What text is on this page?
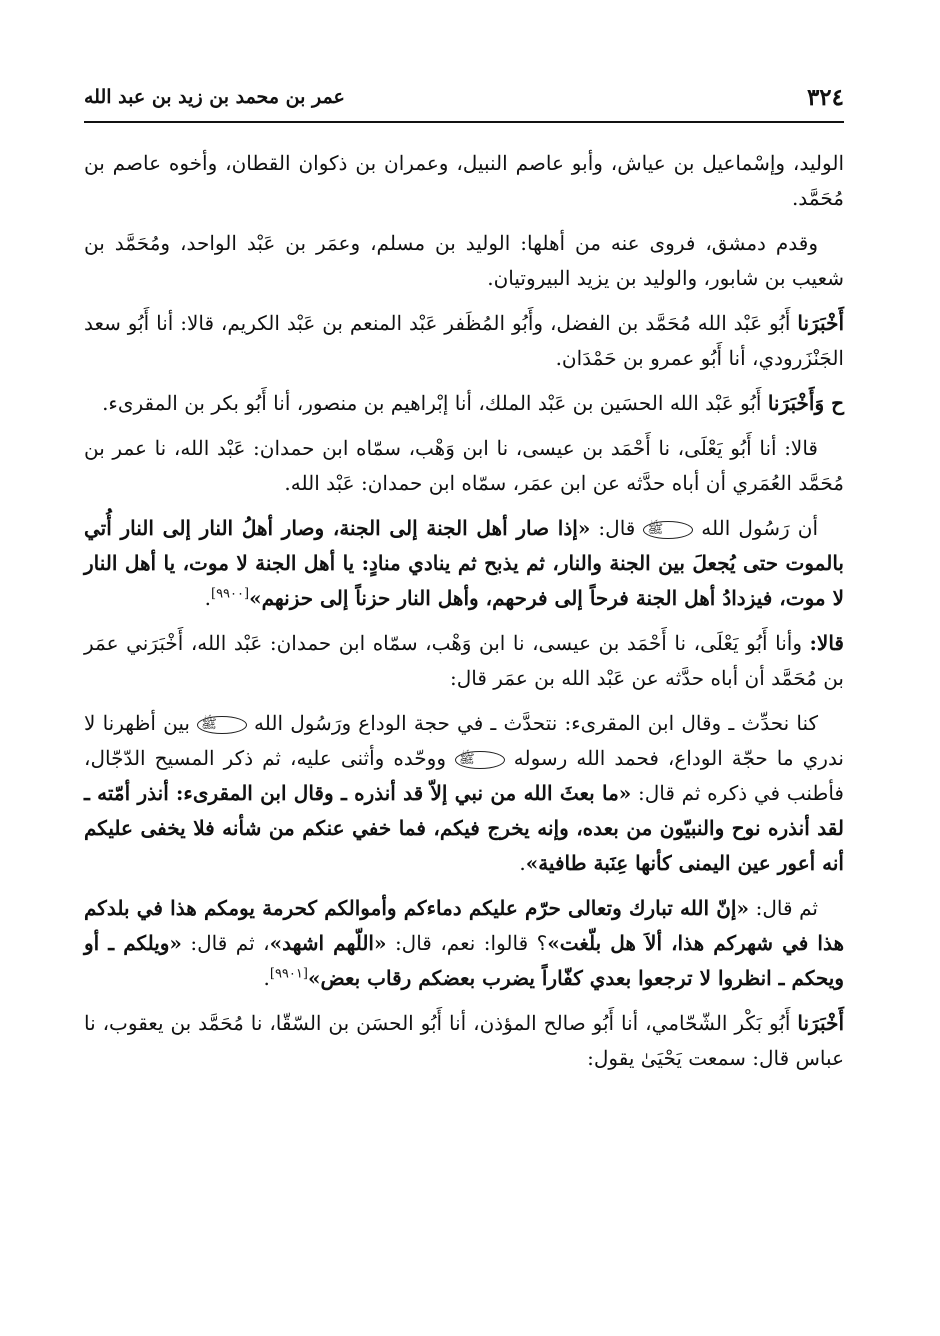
٣٢٤
عمر بن محمد بن زيد بن عبد الله

الوليد، وإسْماعيل بن عياش، وأبو عاصم النبيل، وعمران بن ذكوان القطان، وأخوه عاصم بن مُحَمَّد.

وقدم دمشق، فروى عنه من أهلها: الوليد بن مسلم، وعمَر بن عَبْد الواحد، ومُحَمَّد بن شعيب بن شابور، والوليد بن يزيد البيروتيان.

أَخْبَرَنا أَبُو عَبْد الله مُحَمَّد بن الفضل، وأَبُو المُظَفر عَبْد المنعم بن عَبْد الكريم، قالا: أنا أَبُو سعد الجَنْزَرودي، أنا أَبُو عمرو بن حَمْدَان.

ح وَأَخْبَرَنا أَبُو عَبْد الله الحسَين بن عَبْد الملك، أنا إبْراهيم بن منصور، أنا أَبُو بكر بن المقرىء.

قالا: أنا أَبُو يَعْلَى، نا أَحْمَد بن عيسى، نا ابن وَهْب، سمّاه ابن حمدان: عَبْد الله، نا عمر بن مُحَمَّد العُمَري أن أباه حدَّثه عن ابن عمَر، سمّاه ابن حمدان: عَبْد الله.

أن رَسُول الله ﷺ قال: «إذا صار أهل الجنة إلى الجنة، وصار أهلُ النار إلى النار أُتي بالموت حتى يُجعلَ بين الجنة والنار، ثم يذبح ثم ينادي منادٍ: يا أهل الجنة لا موت، يا أهل النار لا موت، فيزدادُ أهل الجنة فرحاً إلى فرحهم، وأهل النار حزناً إلى حزنهم»[٩٩٠٠].

قالا: وأنا أَبُو يَعْلَى، نا أَحْمَد بن عيسى، نا ابن وَهْب، سمّاه ابن حمدان: عَبْد الله، أَخْبَرَني عمَر بن مُحَمَّد أن أباه حدَّثه عن عَبْد الله بن عمَر قال:

كنا نحدِّث ـ وقال ابن المقرىء: نتحدَّث ـ في حجة الوداع ورَسُول الله ﷺ بين أظهرنا لا ندري ما حجّة الوداع، فحمد الله رسوله ﷺ ووحّده وأثنى عليه، ثم ذكر المسيح الدّجّال، فأطنب في ذكره ثم قال: «ما بعثَ الله من نبي إلاّ قد أنذره ـ وقال ابن المقرىء: أنذر أمّته ـ لقد أنذره نوح والنبيّون من بعده، وإنه يخرج فيكم، فما خفي عنكم من شأنه فلا يخفى عليكم أنه أعور عين اليمنى كأنها عِنَبة طافية».

ثم قال: «إنّ الله تبارك وتعالى حرّم عليكم دماءكم وأموالكم كحرمة يومكم هذا في بلدكم هذا في شهركم هذا، ألاَ هل بلّغت»؟ قالوا: نعم، قال: «اللّهم اشهد»، ثم قال: «ويلكم ـ أو ويحكم ـ انظروا لا ترجعوا بعدي كفّاراً يضرب بعضكم رقاب بعض»[٩٩٠١].

أَخْبَرَنا أَبُو بَكْر الشّحّامي، أنا أَبُو صالح المؤذن، أنا أَبُو الحسَن بن السّقّا، نا مُحَمَّد بن يعقوب، نا عباس قال: سمعت يَحْيَىٰ يقول:
